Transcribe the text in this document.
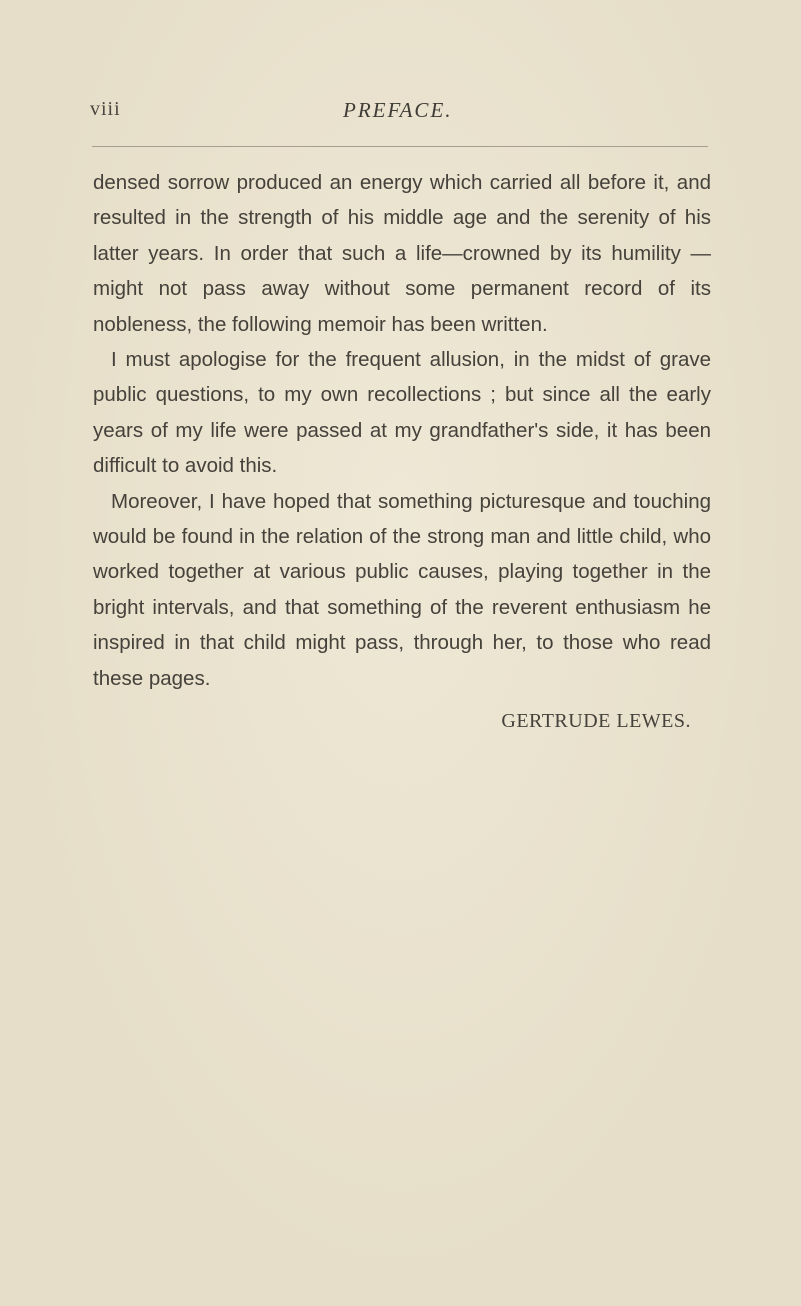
viii	PREFACE.

densed sorrow produced an energy which carried all before it, and resulted in the strength of his middle age and the serenity of his latter years. In order that such a life—crowned by its humility —might not pass away without some permanent record of its nobleness, the following memoir has been written.

I must apologise for the frequent allusion, in the midst of grave public questions, to my own recollections ; but since all the early years of my life were passed at my grandfather's side, it has been difficult to avoid this.

Moreover, I have hoped that something picturesque and touching would be found in the relation of the strong man and little child, who worked together at various public causes, playing together in the bright intervals, and that something of the reverent enthusiasm he inspired in that child might pass, through her, to those who read these pages.

GERTRUDE LEWES.
